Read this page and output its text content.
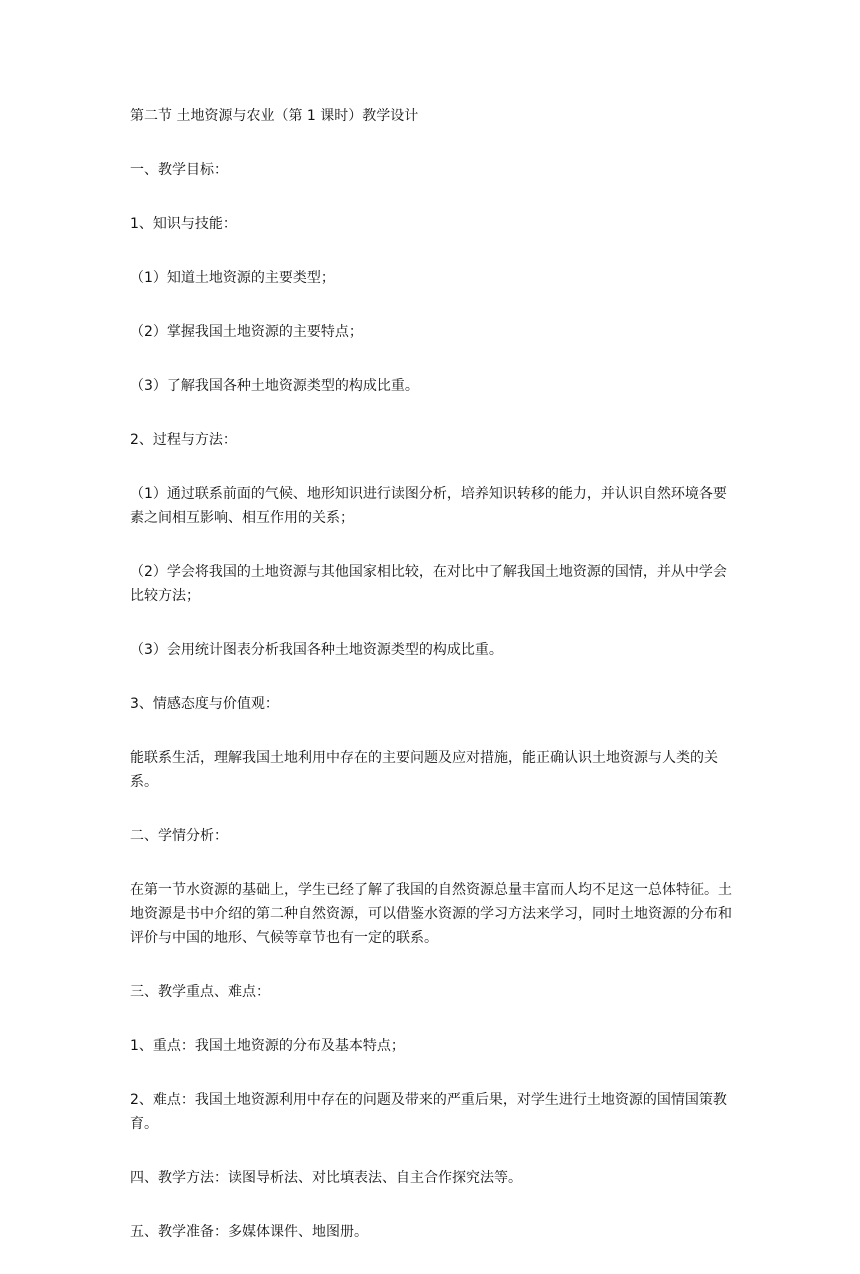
第二节 土地资源与农业（第 1 课时）教学设计

一、教学目标：

1、知识与技能：

（1）知道土地资源的主要类型；

（2）掌握我国土地资源的主要特点；

（3）了解我国各种土地资源类型的构成比重。

2、过程与方法：

（1）通过联系前面的气候、地形知识进行读图分析，培养知识转移的能力，并认识自然环境各要素之间相互影响、相互作用的关系；

（2）学会将我国的土地资源与其他国家相比较，在对比中了解我国土地资源的国情，并从中学会比较方法；

（3）会用统计图表分析我国各种土地资源类型的构成比重。

3、情感态度与价值观：

能联系生活，理解我国土地利用中存在的主要问题及应对措施，能正确认识土地资源与人类的关系。

二、学情分析：

在第一节水资源的基础上，学生已经了解了我国的自然资源总量丰富而人均不足这一总体特征。土地资源是书中介绍的第二种自然资源，可以借鉴水资源的学习方法来学习，同时土地资源的分布和评价与中国的地形、气候等章节也有一定的联系。

三、教学重点、难点：

1、重点：我国土地资源的分布及基本特点；

2、难点：我国土地资源利用中存在的问题及带来的严重后果，对学生进行土地资源的国情国策教育。

四、教学方法：读图导析法、对比填表法、自主合作探究法等。

五、教学准备：多媒体课件、地图册。
